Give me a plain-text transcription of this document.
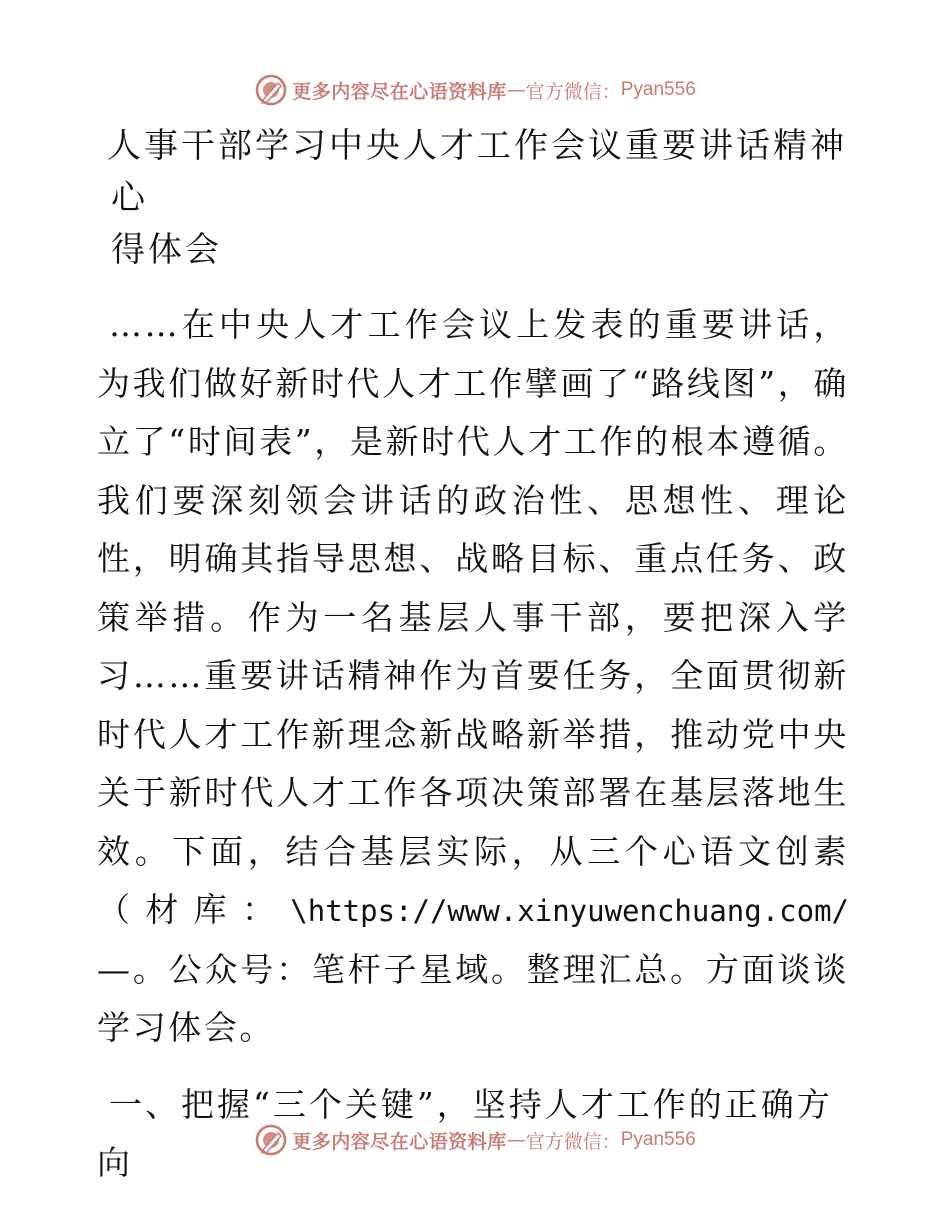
更多内容尽在心语资料库 — 官方微信： Pyan556
人事干部学习中央人才工作会议重要讲话精神心
得体会

……在中央人才工作会议上发表的重要讲话，为我们做好新时代人才工作擘画了“路线图”，确立了“时间表”，是新时代人才工作的根本遵循。我们要深刻领会讲话的政治性、思想性、理论性，明确其指导思想、战略目标、重点任务、政策举措。作为一名基层人事干部，要把深入学习……重要讲话精神作为首要任务，全面贯彻新时代人才工作新理念新战略新举措，推动党中央关于新时代人才工作各项决策部署在基层落地生效。下面，结合基层实际，从三个心语文创素（材库：\https://www.xinyuwenchuang.com/—。公众号：笔杆子星域。整理汇总。方面谈谈学习体会。

一、把握“三个关键”，坚持人才工作的正确方向
更多内容尽在心语资料库 — 官方微信： Pyan556
